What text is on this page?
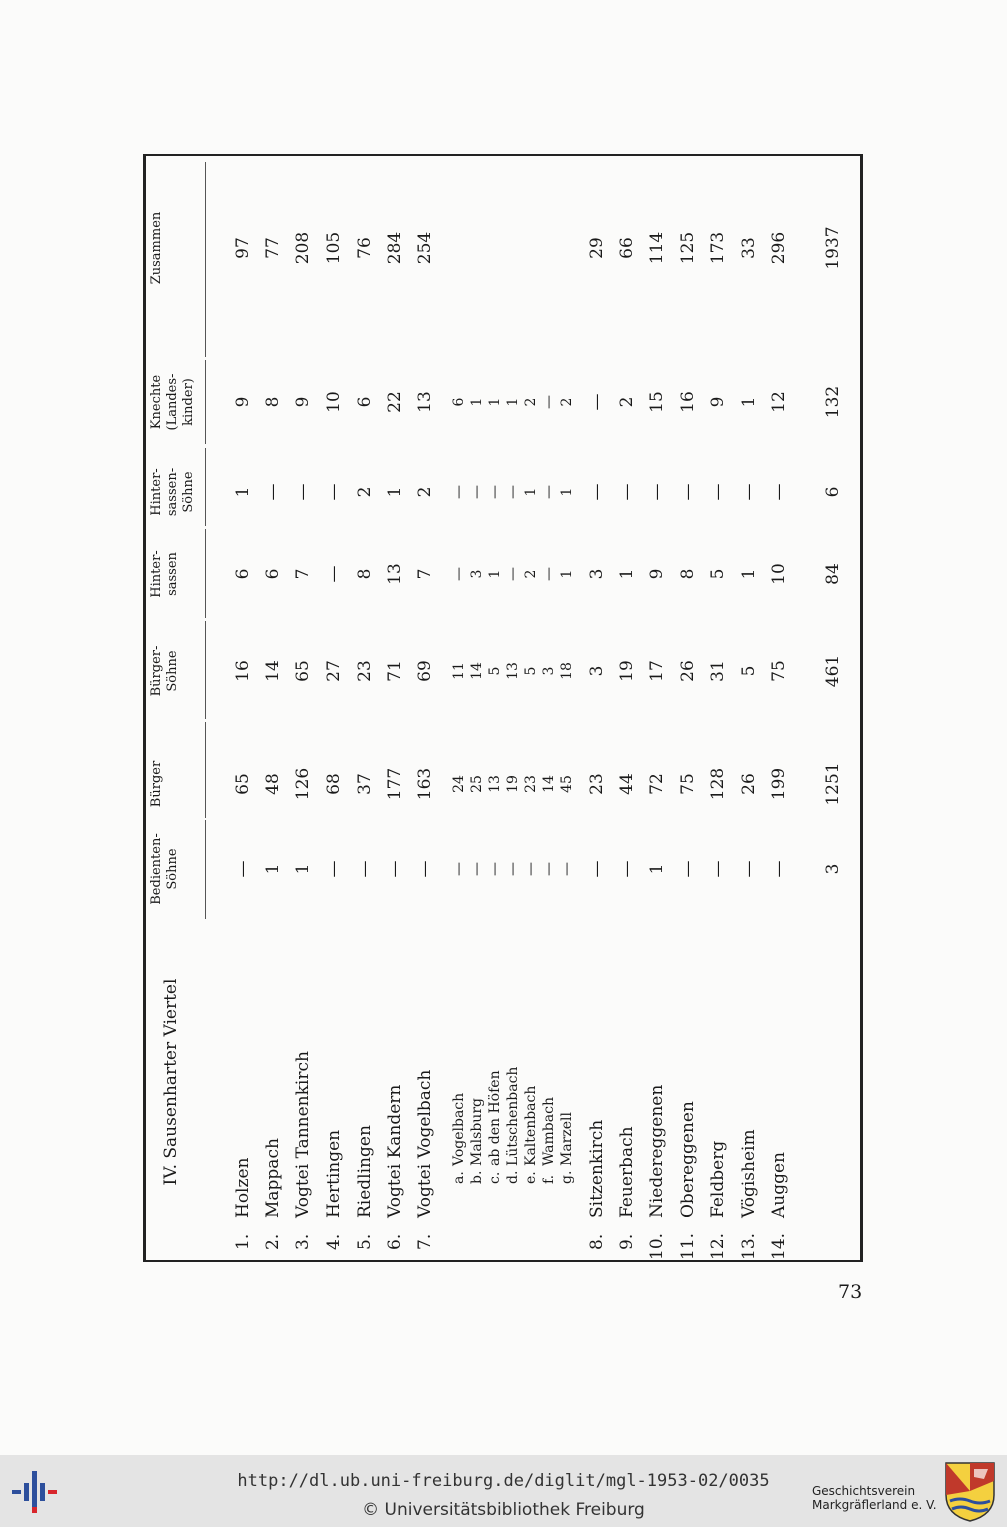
IV. Sausenharter Viertel
Bedienten-
Söhne
Bürger
Bürger-
Söhne
Hinter-
sassen
Hinter-
sassen-
Söhne
Knechte
(Landes-
kinder)
Zusammen
1.
Holzen
—
65
16
6
1
9
97
2.
Mappach
1
48
14
6
—
8
77
3.
Vogtei Tannenkirch
1
126
65
7
—
9
208
4.
Hertingen
—
68
27
—
—
10
105
5.
Riedlingen
—
37
23
8
2
6
76
6.
Vogtei Kandern
—
177
71
13
1
22
284
7.
Vogtei Vogelbach
—
163
69
7
2
13
254
a.
Vogelbach
—
24
11
—
—
6
b.
Malsburg
—
25
14
3
—
1
c.
ab den Höfen
—
13
5
1
—
1
d.
Lütschenbach
—
19
13
—
—
1
e.
Kaltenbach
—
23
5
2
1
2
f.
Wambach
—
14
3
—
—
—
g.
Marzell
—
45
18
1
1
2
8.
Sitzenkirch
—
23
3
3
—
—
29
9.
Feuerbach
—
44
19
1
—
2
66
10.
Niedereggenen
1
72
17
9
—
15
114
11.
Obereggenen
—
75
26
8
—
16
125
12.
Feldberg
—
128
31
5
—
9
173
13.
Vögisheim
—
26
5
1
—
1
33
14.
Auggen
—
199
75
10
—
12
296
3
1251
461
84
6
132
1937
73
http://dl.ub.uni-freiburg.de/diglit/mgl-1953-02/0035
© Universitätsbibliothek Freiburg
Geschichtsverein
Markgräflerland e. V.
